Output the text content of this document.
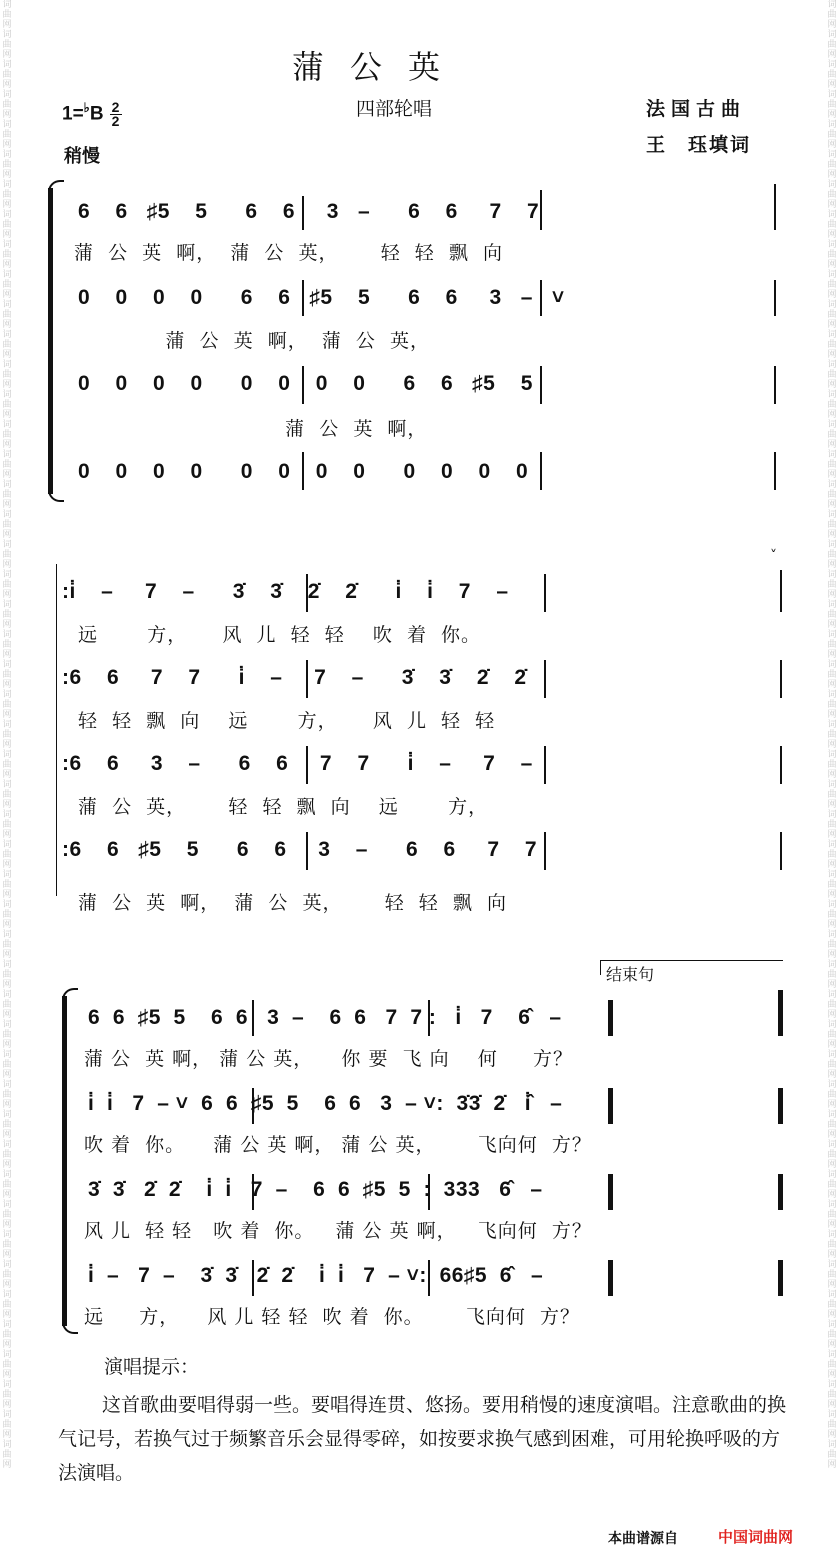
词曲网词曲网词曲网词曲网词曲网词曲网词曲网词曲网词曲网词曲网词曲网词曲网词曲网词曲网词曲网词曲网词曲网词曲网词曲网词曲网词曲网词曲网词曲网词曲网词曲网词曲网词曲网词曲网词曲网词曲网词曲网词曲网词曲网词曲网词曲网词曲网词曲网词曲网词曲网词曲网词曲网词曲网词曲网词曲网词曲网词曲网词曲网词曲网词曲网
词曲网词曲网词曲网词曲网词曲网词曲网词曲网词曲网词曲网词曲网词曲网词曲网词曲网词曲网词曲网词曲网词曲网词曲网词曲网词曲网词曲网词曲网词曲网词曲网词曲网词曲网词曲网词曲网词曲网词曲网词曲网词曲网词曲网词曲网词曲网词曲网词曲网词曲网词曲网词曲网词曲网词曲网词曲网词曲网词曲网词曲网词曲网词曲网词曲网
蒲公英
四部轮唱
$1=^♭B \frac{2}{2}$
稍慢
法国古曲
王　珏填词
6    6   ♯5    5      6    6     3   –      6    6     7    7
蒲  公  英  啊，  蒲  公  英，      轻  轻  飘  向
0    0    0    0      6    6   ♯5    5      6    6     3   –   ˅
蒲  公  英  啊，  蒲  公  英，
0    0    0    0      0    0    0    0      6    6   ♯5    5
蒲  公  英  啊，
0    0    0    0      0    0    0    0      0    0    0    0
˅
:i̇    –     7    –      3̇    3̇    2̇    2̇      i̇    i̇    7    –
远       方，     风  儿  轻  轻    吹  着  你。
:6    6     7    7      i̇    –     7    –      3̇    3̇    2̇    2̇
轻  轻  飘  向    远       方，     风  儿  轻  轻
:6    6     3    –      6    6     7    7      i̇    –     7    –
蒲  公  英，      轻  轻  飘  向    远       方，
:6    6   ♯5    5      6    6     3    –      6    6     7    7
蒲  公  英  啊，  蒲  公  英，      轻  轻  飘  向
结束句
6  6  ♯5  5    6  6   3  –    6  6   7  7 :   i̇   7    6̂   –
蒲 公  英 啊， 蒲 公 英，    你 要  飞 向    何     方？
i̇  i̇   7  – ˅  6  6  ♯5  5    6  6   3  – ˅:  3̇3̇  2̇   i̇̂   –
吹 着  你。    蒲 公 英 啊， 蒲 公 英，      飞向何  方？
3̇  3̇   2̇  2̇    i̇  i̇   7  –    6  6  ♯5  5  :  333   6̂   –
风 儿  轻 轻   吹 着  你。   蒲 公 英 啊，   飞向何  方？
i̇  –   7  –    3̇  3̇   2̇  2̇    i̇  i̇   7  – ˅:  66♯5  6̂   –
远     方，    风 儿 轻 轻  吹 着  你。      飞向何  方？
演唱提示：
这首歌曲要唱得弱一些。要唱得连贯、悠扬。要用稍慢的速度演唱。注意歌曲的换气记号，若换气过于频繁音乐会显得零碎，如按要求换气感到困难，可用轮换呼吸的方法演唱。
本曲谱源自	中国词曲网
